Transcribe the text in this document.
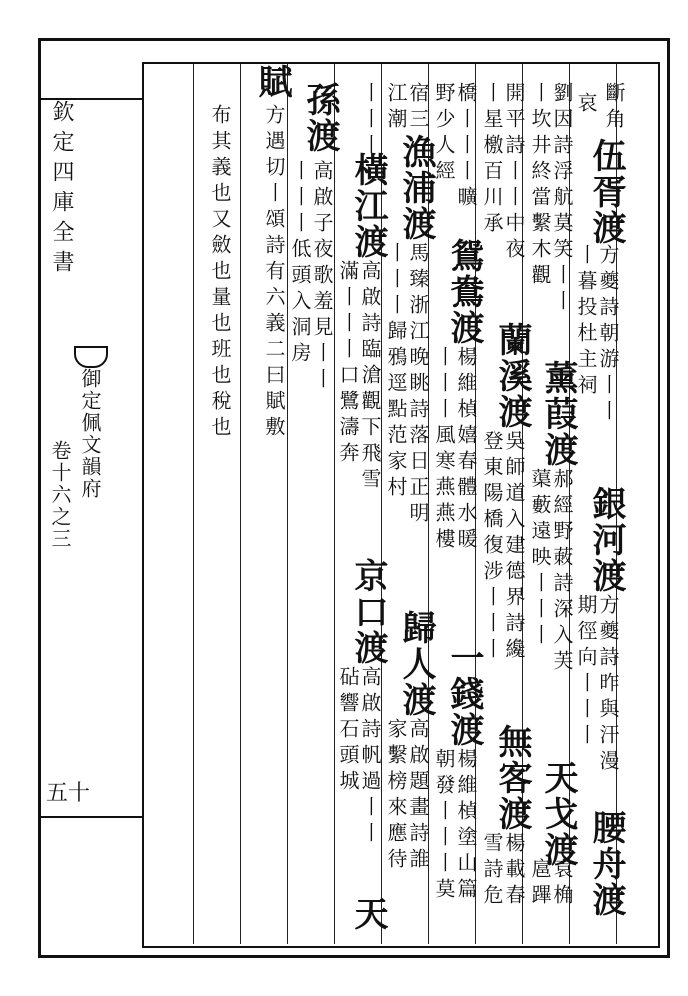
欽定四庫全書
御定佩文韻府
卷十六之三
五十
斷角
伍胥渡
方夔詩朝游丨丨
銀河渡
方夔詩昨與汗漫
腰舟渡
哀
丨暮投杜主祠
期徑向丨丨丨
劉因詩浮航莫笑丨丨
薰葭渡
郝經野蓛詩深入芙
天戈渡
袁桷
丨坎井終當繫木觀
蕖藪遠映丨丨丨
扈蹕
開平詩丨丨中夜
蘭溪渡
吳師道入建德界詩纔
無客渡
楊載春
丨星檄百川承
登東陽橋復涉丨丨丨
雪詩危
橋丨丨丨曠
鴛鴦渡
楊維楨嬉春體水暖
一錢渡
楊維楨塗山篇
野少人經
丨丨丨風寒燕燕樓
朝發丨丨丨莫
宿三
漁浦渡
馬臻浙江晚眺詩落日正明
歸人渡
高啟題畫詩誰
江潮
丨丨丨歸鴉逕點范家村
家繫榜來應待
丨丨丨
橫江渡
高啟詩臨滄觀下飛雪
京口渡
高啟詩帆過丨丨
天
滿丨丨丨口鷺濤奔
砧響石頭城
孫渡
高啟子夜歌羞見丨丨
丨丨丨低頭入洞房
賦
方遇切丨頌詩有六義二曰賦敷
布其義也又斂也量也班也稅也
